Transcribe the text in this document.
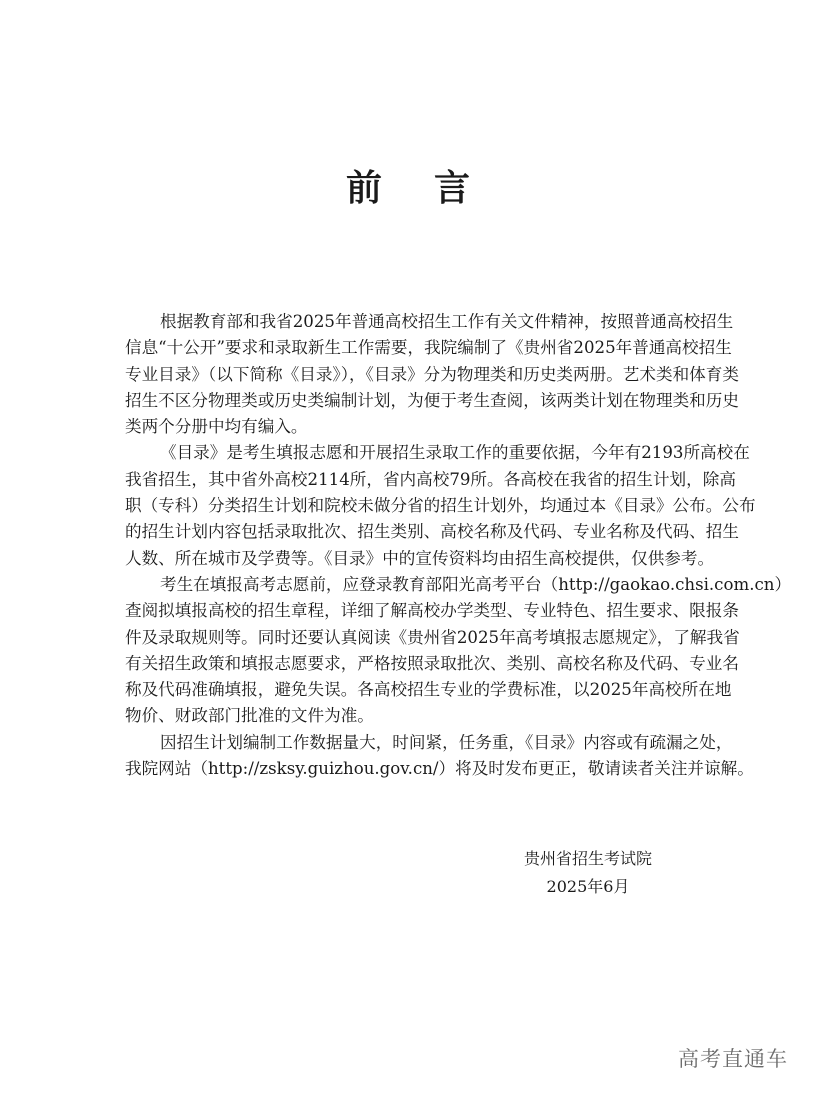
前 言
根据教育部和我省2025年普通高校招生工作有关文件精神，按照普通高校招生
信息“十公开”要求和录取新生工作需要，我院编制了《贵州省2025年普通高校招生
专业目录》（以下简称《目录》），《目录》分为物理类和历史类两册。艺术类和体育类
招生不区分物理类或历史类编制计划，为便于考生查阅，该两类计划在物理类和历史
类两个分册中均有编入。
《目录》是考生填报志愿和开展招生录取工作的重要依据，今年有2193所高校在
我省招生，其中省外高校2114所，省内高校79所。各高校在我省的招生计划，除高
职（专科）分类招生计划和院校未做分省的招生计划外，均通过本《目录》公布。公布
的招生计划内容包括录取批次、招生类别、高校名称及代码、专业名称及代码、招生
人数、所在城市及学费等。《目录》中的宣传资料均由招生高校提供，仅供参考。
考生在填报高考志愿前，应登录教育部阳光高考平台（http://gaokao.chsi.com.cn）
查阅拟填报高校的招生章程，详细了解高校办学类型、专业特色、招生要求、限报条
件及录取规则等。同时还要认真阅读《贵州省2025年高考填报志愿规定》，了解我省
有关招生政策和填报志愿要求，严格按照录取批次、类别、高校名称及代码、专业名
称及代码准确填报，避免失误。各高校招生专业的学费标准，以2025年高校所在地
物价、财政部门批准的文件为准。
因招生计划编制工作数据量大，时间紧，任务重，《目录》内容或有疏漏之处，
我院网站（http://zsksy.guizhou.gov.cn/）将及时发布更正，敬请读者关注并谅解。
贵州省招生考试院
2025年6月
高考直通车
